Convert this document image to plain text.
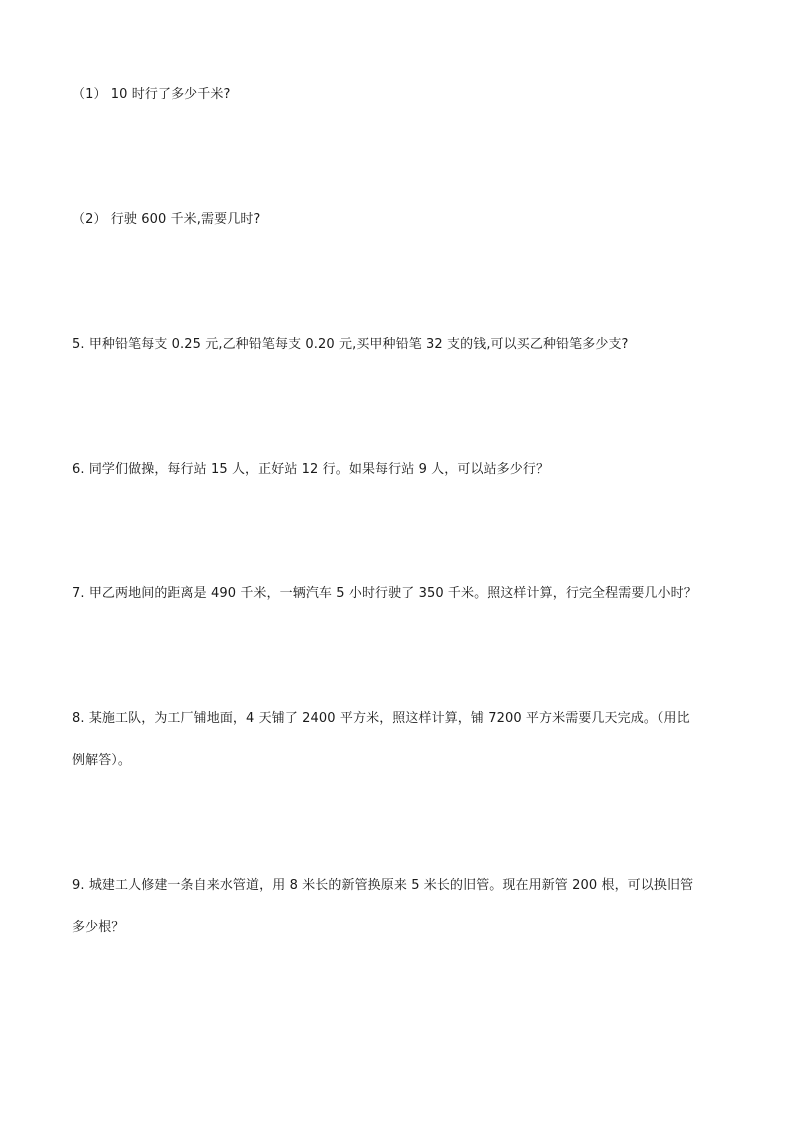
（1） 10 时行了多少千米?
（2） 行驶 600 千米,需要几时?
5. 甲种铅笔每支 0.25 元,乙种铅笔每支 0.20 元,买甲种铅笔 32 支的钱,可以买乙种铅笔多少支?
6. 同学们做操，每行站 15 人，正好站 12 行。如果每行站 9 人，可以站多少行？
7. 甲乙两地间的距离是 490 千米，一辆汽车 5 小时行驶了 350 千米。照这样计算，行完全程需要几小时？
8. 某施工队，为工厂铺地面，4 天铺了 2400 平方米，照这样计算，铺 7200 平方米需要几天完成。（用比
例解答）。
9. 城建工人修建一条自来水管道，用 8 米长的新管换原来 5 米长的旧管。现在用新管 200 根，可以换旧管
多少根？
